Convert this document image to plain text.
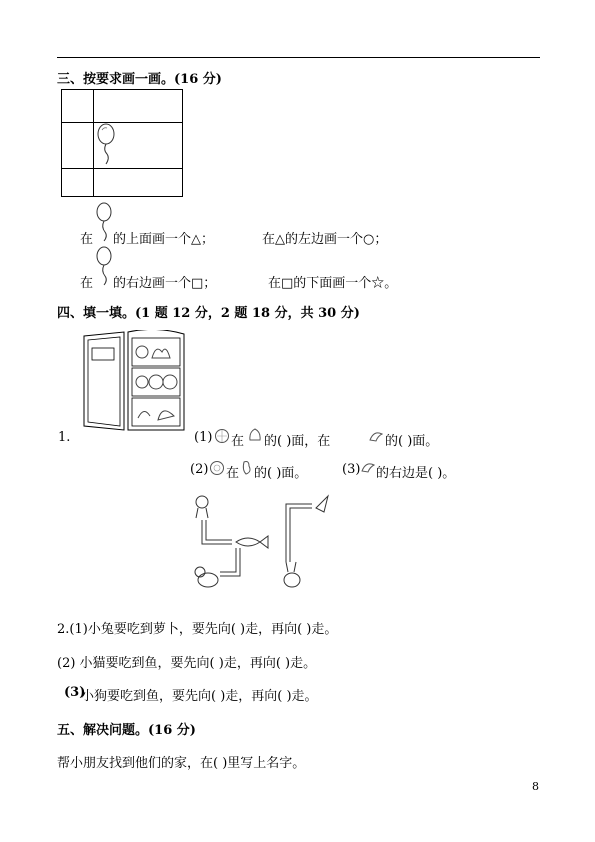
三、按要求画一画。(16 分)
在 的上面画一个△；	在△的左边画一个○；
在 的右边画一个□；	在□的下面画一个☆。
四、填一填。(1 题 12 分，2 题 18 分，共 30 分)
1.	(1) 在 的( )面，在	的( )面。
(2) 在 的( )面。	(3) 的右边是( )。
2.(1)小兔要吃到萝卜，要先向( )走，再向( )走。
(2) 小猫要吃到鱼，要先向( )走，再向( )走。
(3)
小狗要吃到鱼，要先向( )走，再向( )走。
五、解决问题。(16 分)
帮小朋友找到他们的家，在( )里写上名字。
8
